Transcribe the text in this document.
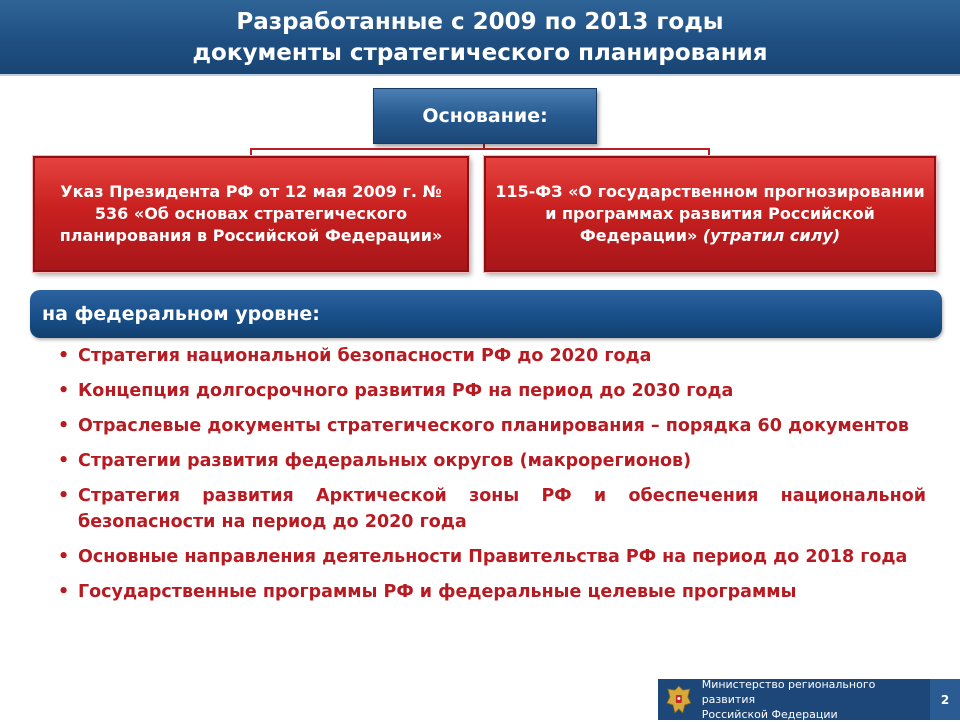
Разработанные с 2009 по 2013 годы
документы стратегического планирования
Основание:
Указ Президента РФ от 12 мая 2009 г. № 536 «Об основах стратегического планирования в Российской Федерации»
115-ФЗ «О государственном прогнозировании и программах развития Российской Федерации» (утратил силу)
на федеральном уровне:
• Стратегия национальной безопасности РФ до 2020 года
• Концепция долгосрочного развития РФ на период до 2030 года
• Отраслевые документы стратегического планирования – порядка 60 документов
• Стратегии развития федеральных округов (макрорегионов)
• Стратегия развития Арктической зоны РФ и обеспечения национальной безопасности на период до 2020 года
• Основные направления деятельности Правительства РФ на период до 2018 года
• Государственные программы РФ и федеральные целевые программы
Министерство регионального развития
Российской Федерации
2
